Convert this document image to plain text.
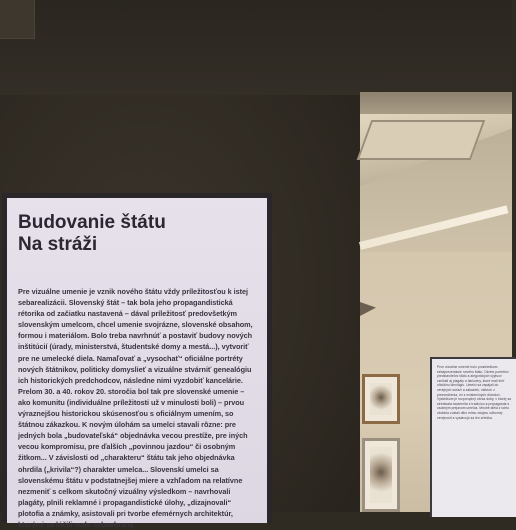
Prve vizuálne umenie bolo prostriedkom sebaprezentácie nového štátu. Okrem portrétov predstaviteľov štátu a alegorických výjavov vznikali aj plagáty a tlačoviny, ktoré mali šíriť oficiálnu ideológiu. Umelci sa zapájali do verejných súťaží a zákaziek, niektorí z presvedčenia, iní z existenčných dôvodov. Výsledkom je rozporuplný obraz doby, v ktorej sa stretávala modernita s tradíciou a propaganda s osobným prejavom umelca. Mnohé diela z tohto obdobia zostali dlho mimo záujmu odbornej verejnosti a vystavujú sa len zriedka.

Budovanie štátu
Na stráži

Pre vizuálne umenie je vznik nového štátu vždy príležitosťou k istej sebarealizácii. Slovenský štát – tak bola jeho propagandistická rétorika od začiatku nastavená – dával príležitosť predovšetkým slovenským umelcom, chcel umenie svojrázne, slovenské obsahom, formou i materiálom. Bolo treba navrhnúť a postaviť budovy nových inštitúcií (úrady, ministerstvá, študentské domy a mestá...), vytvoriť pre ne umelecké diela. Namaľovať a „vysochať“ oficiálne portréty nových štátnikov, politicky domyslieť a vizuálne stvárniť genealógiu ich historických predchodcov, následne nimi vyzdobiť kancelárie. Prelom 30. a 40. rokov 20. storočia bol tak pre slovenské umenie – ako komunitu (individuálne príležitosti už v minulosti boli) – prvou výraznejšou historickou skúsenosťou s oficiálnym umením, so štátnou zákazkou. K novým úlohám sa umelci stavali rôzne: pre jedných bola „budovateľská“ objednávka vecou prestíže, pre iných vecou kompromisu, pre ďalších „povinnou jazdou“ či osobným žitkom... V závislosti od „charakteru“ štátu tak jeho objednávka ohrdila („krivila“?) charakter umelca... Slovenskí umelci sa slovenskému štátu v podstatnejšej miere a vzhľadom na relatívne nezmeniť s celkom skutočný vizuálny výsledkom – navrhovali plagáty, plnili reklamné i propagandistické úlohy, „dizajnovali“ plotofia a známky, asistovali pri tvorbe efemérnych architektúr, ktorými sa lúčili malo sebaobrany.
